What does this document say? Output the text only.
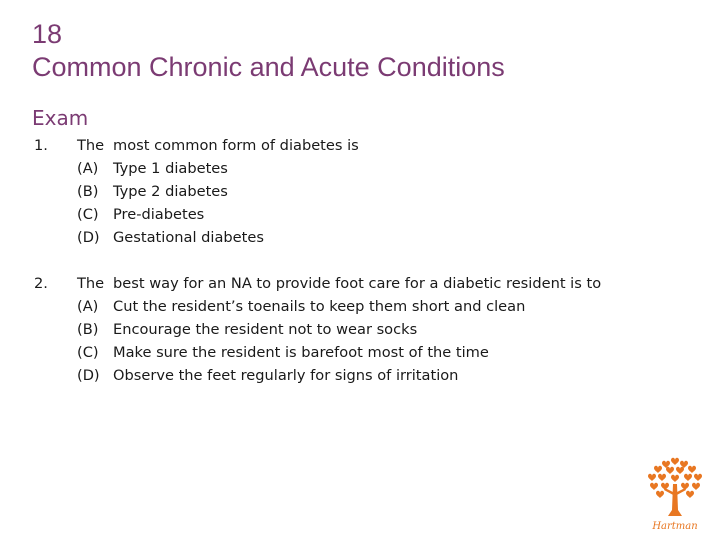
18
Common Chronic and Acute Conditions
Exam
1.	The most common form of diabetes is
(A)	Type 1 diabetes
(B) Type 2 diabetes
(C) Pre-diabetes
(D) Gestational diabetes
2.	The best way for an NA to provide foot care for a diabetic resident is to
(A)	Cut the resident’s toenails to keep them short and clean
(B) Encourage the resident not to wear socks
(C) Make sure the resident is barefoot most of the time
(D) Observe the feet regularly for signs of irritation
Hartman
